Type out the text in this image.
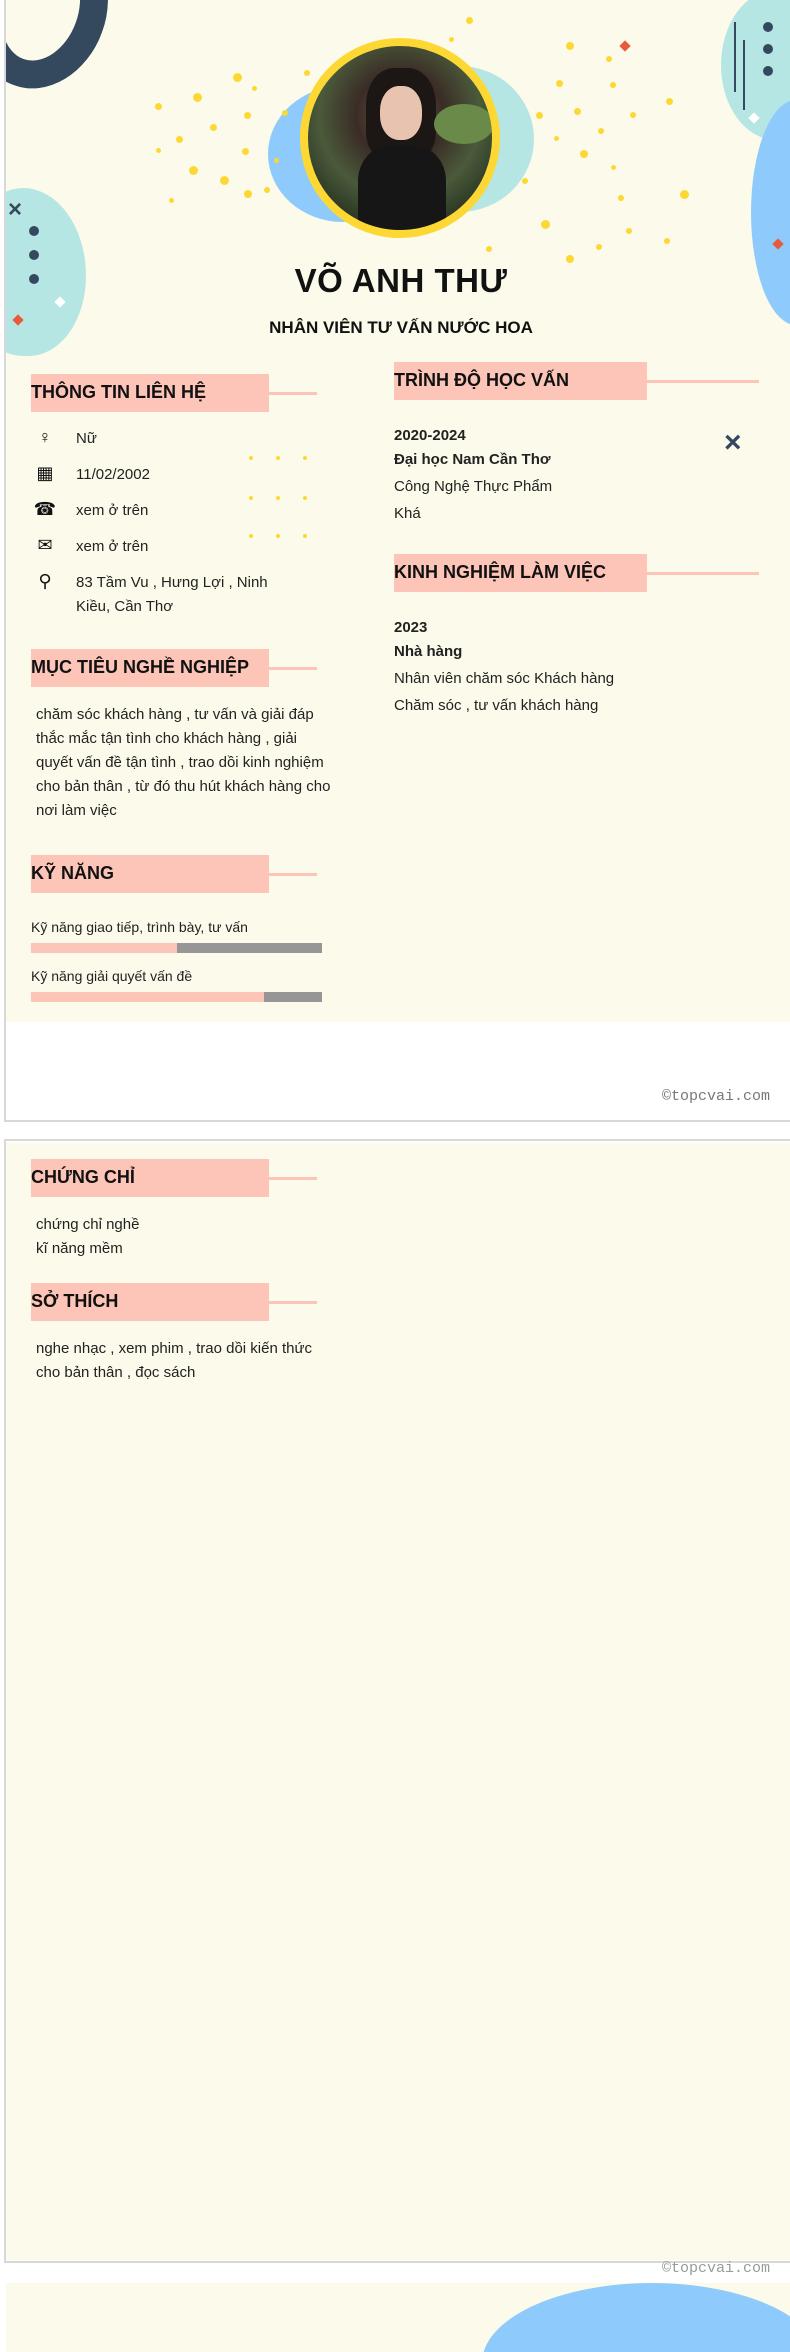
×
×
VÕ ANH THƯ
NHÂN VIÊN TƯ VẤN NƯỚC HOA
THÔNG TIN LIÊN HỆ
♀ Nữ
▦ 11/02/2002
☎ xem ở trên
✉ xem ở trên
⚲ 83 Tầm Vu , Hưng Lợi , Ninh Kiều, Cần Thơ
MỤC TIÊU NGHỀ NGHIỆP
chăm sóc khách hàng , tư vấn và giải đáp thắc mắc tận tình cho khách hàng , giải quyết vấn đề tận tình , trao dồi kinh nghiệm cho bản thân , từ đó thu hút khách hàng cho nơi làm việc
KỸ NĂNG
Kỹ năng giao tiếp, trình bày, tư vấn
Kỹ năng giải quyết vấn đề
TRÌNH ĐỘ HỌC VẤN
2020-2024
Đại học Nam Cần Thơ
Công Nghệ Thực Phẩm
Khá
KINH NGHIỆM LÀM VIỆC
2023
Nhà hàng
Nhân viên chăm sóc Khách hàng
Chăm sóc , tư vấn khách hàng
©topcvai.com
CHỨNG CHỈ
chứng chỉ nghề
kĩ năng mềm
SỞ THÍCH
nghe nhạc , xem phim , trao dồi kiến thức cho bản thân , đọc sách
©topcvai.com
